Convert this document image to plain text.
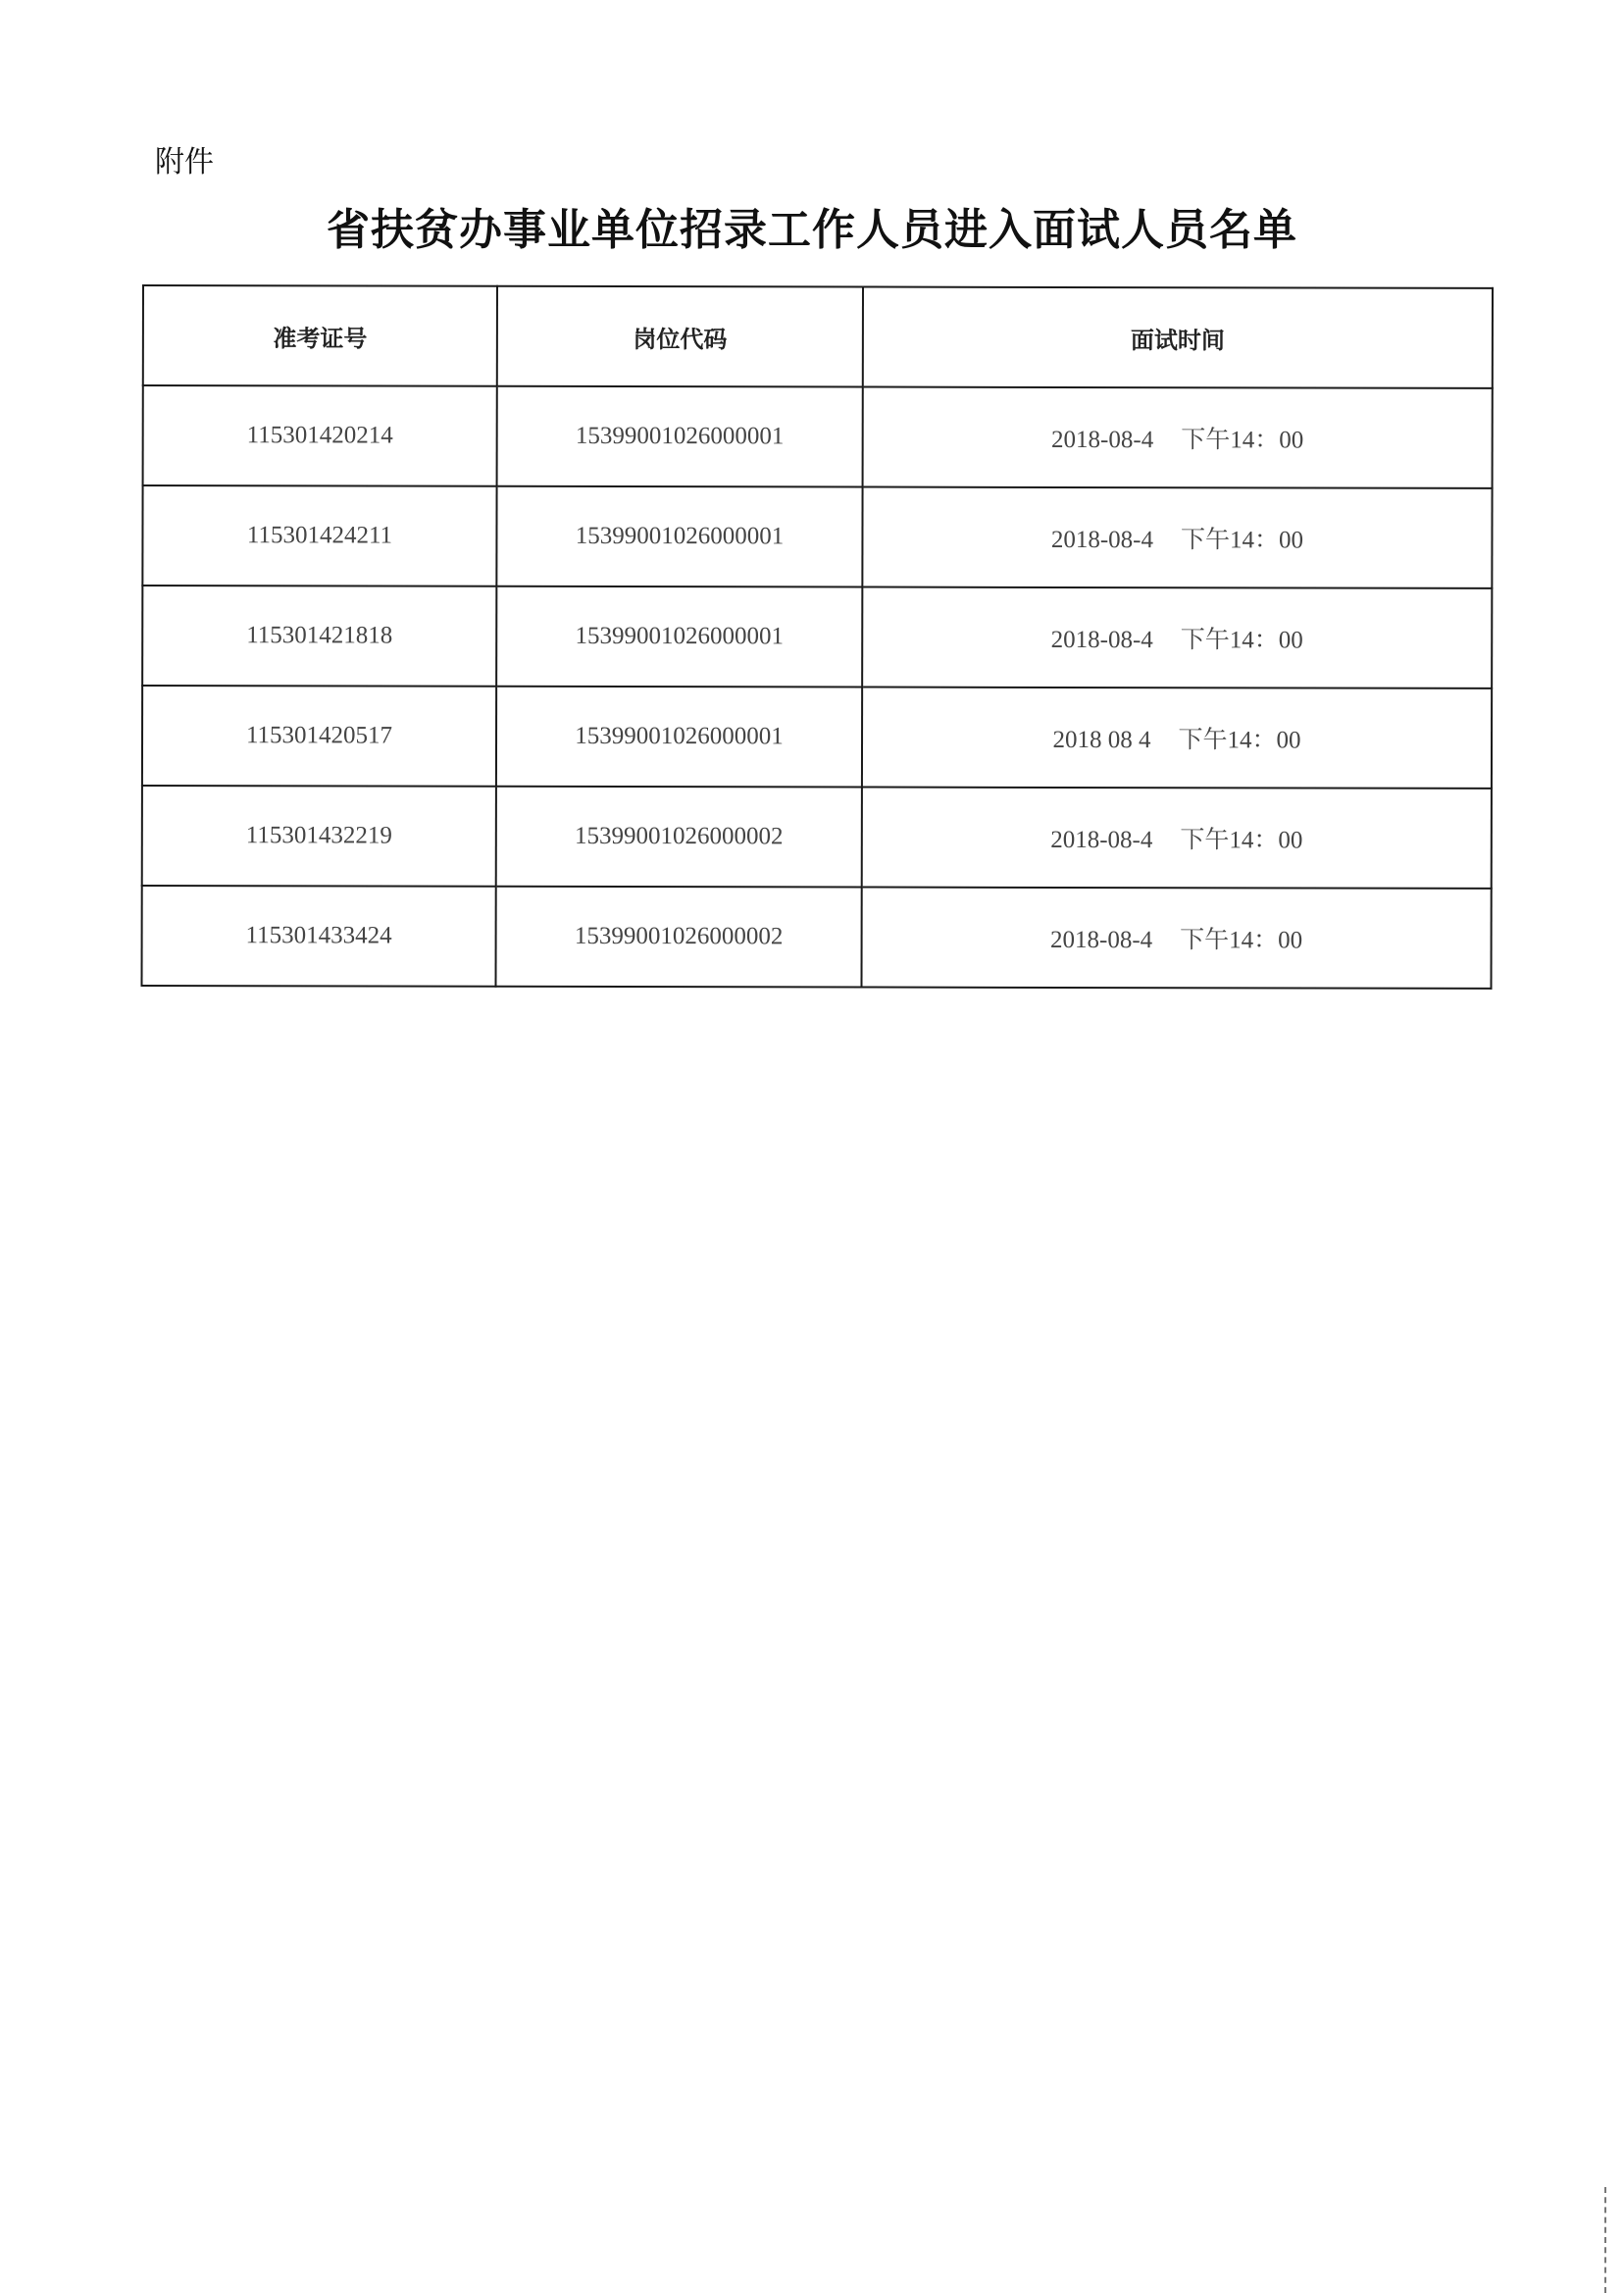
附件
省扶贫办事业单位招录工作人员进入面试人员名单
准考证号	岗位代码	面试时间
115301420214	15399001026000001	2018-08-4 下午14：00
115301424211	15399001026000001	2018-08-4 下午14：00
115301421818	15399001026000001	2018-08-4 下午14：00
115301420517	15399001026000001	2018 08 4 下午14：00
115301432219	15399001026000002	2018-08-4 下午14：00
115301433424	15399001026000002	2018-08-4 下午14：00
